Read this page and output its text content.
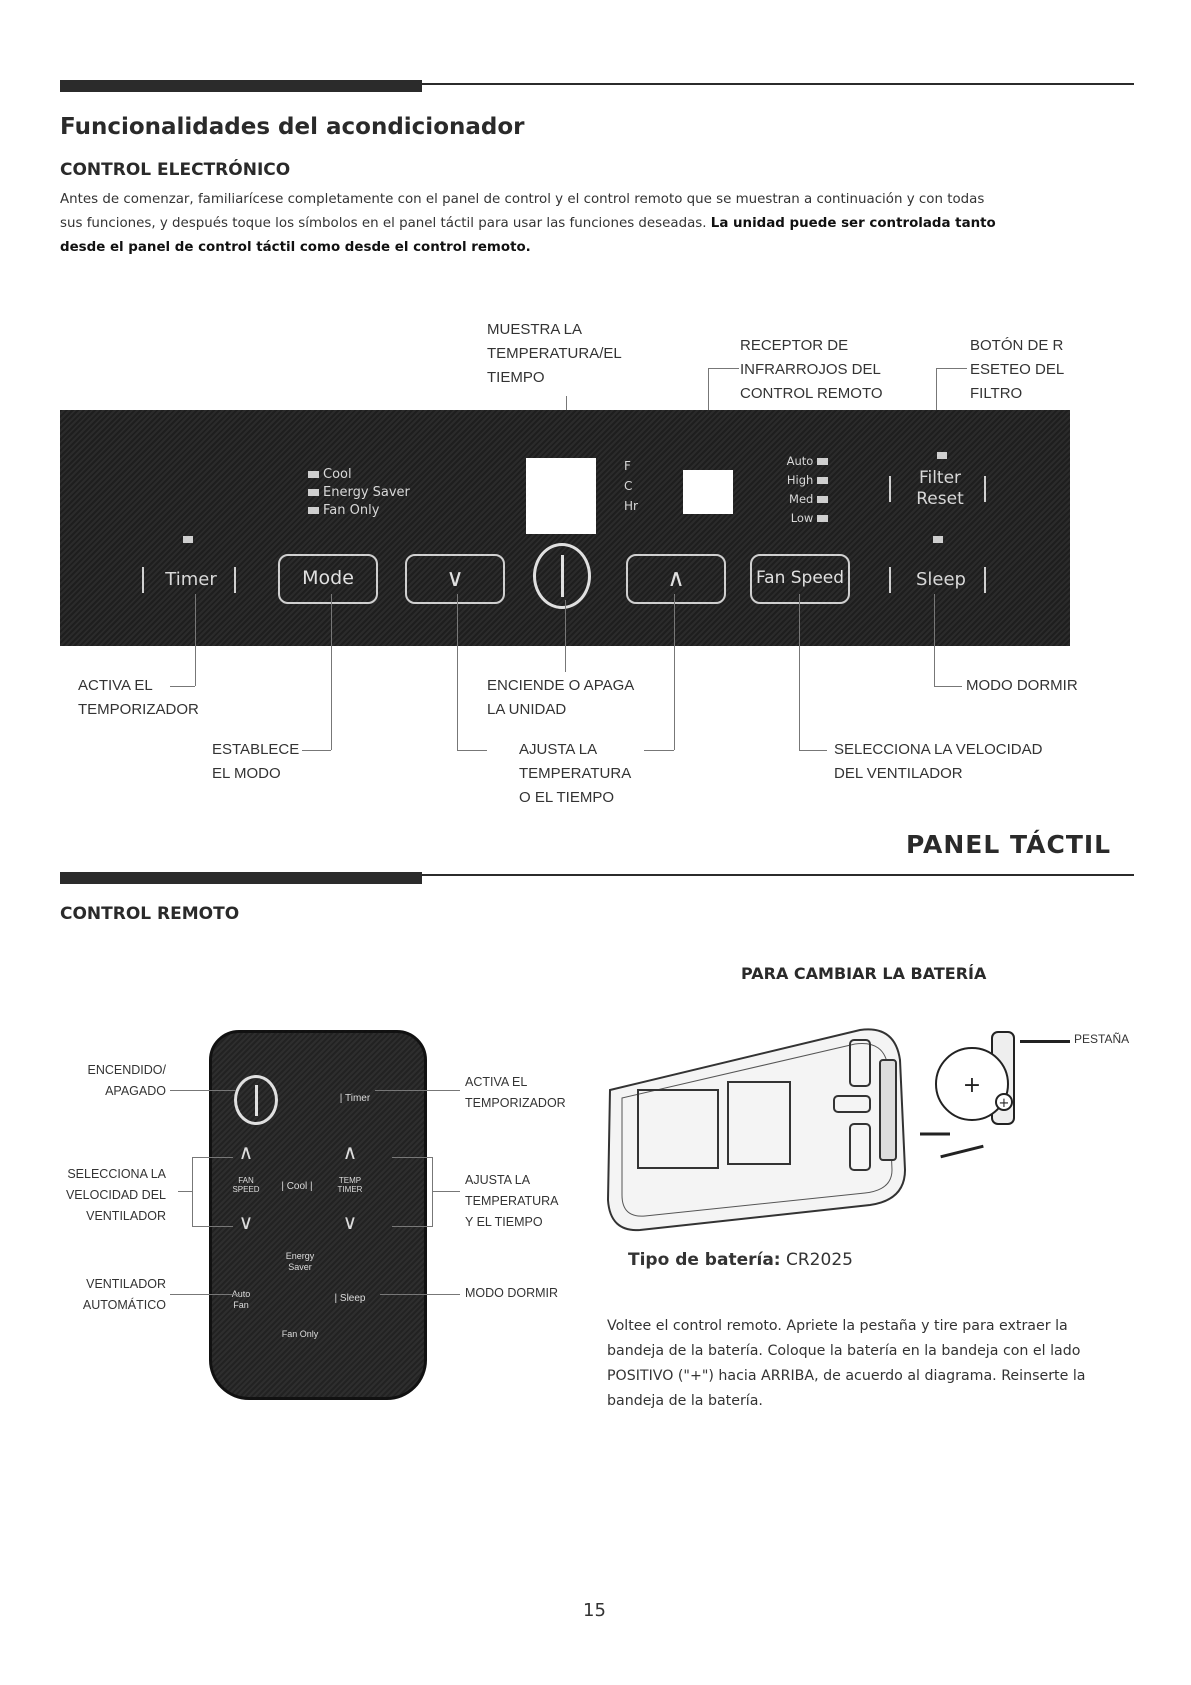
Funcionalidades del acondicionador
CONTROL ELECTRÓNICO
Antes de comenzar, familiarícese completamente con el panel de control y el control remoto que se muestran a continuación y con todas sus funciones, y después toque los símbolos en el panel táctil para usar las funciones deseadas. La unidad puede ser controlada tanto desde el panel de control táctil como desde el control remoto.
MUESTRA LA TEMPERATURA/EL TIEMPO
RECEPTOR DE INFRARROJOS DEL CONTROL REMOTO
BOTÓN DE R ESETEO DEL FILTRO
Cool
Energy Saver
Fan Only
F
C
Hr
Auto
High
Med
Low
Filter Reset
Timer	Mode	∨	∧	Fan Speed	Sleep
ACTIVA EL TEMPORIZADOR
ESTABLECE EL MODO
ENCIENDE O APAGA LA UNIDAD
AJUSTA LA TEMPERATURA O EL TIEMPO
SELECCIONA LA VELOCIDAD DEL VENTILADOR
MODO DORMIR
PANEL TÁCTIL
CONTROL REMOTO
| Timer
∧	∧
FAN SPEED	| Cool |
TEMP TIMER
∨	∨
Energy Saver
Auto Fan
| Sleep
Fan Only
ENCENDIDO/ APAGADO
SELECCIONA LA VELOCIDAD DEL VENTILADOR
VENTILADOR AUTOMÁTICO
ACTIVA EL TEMPORIZADOR
AJUSTA LA TEMPERATURA Y EL TIEMPO
MODO DORMIR
PARA CAMBIAR LA BATERÍA
+
+
PESTAÑA
Tipo de batería: CR2025
Voltee el control remoto. Apriete la pestaña y tire para extraer la bandeja de la batería. Coloque la batería en la bandeja con el lado POSITIVO ("+") hacia ARRIBA, de acuerdo al diagrama. Reinserte la bandeja de la batería.
15
